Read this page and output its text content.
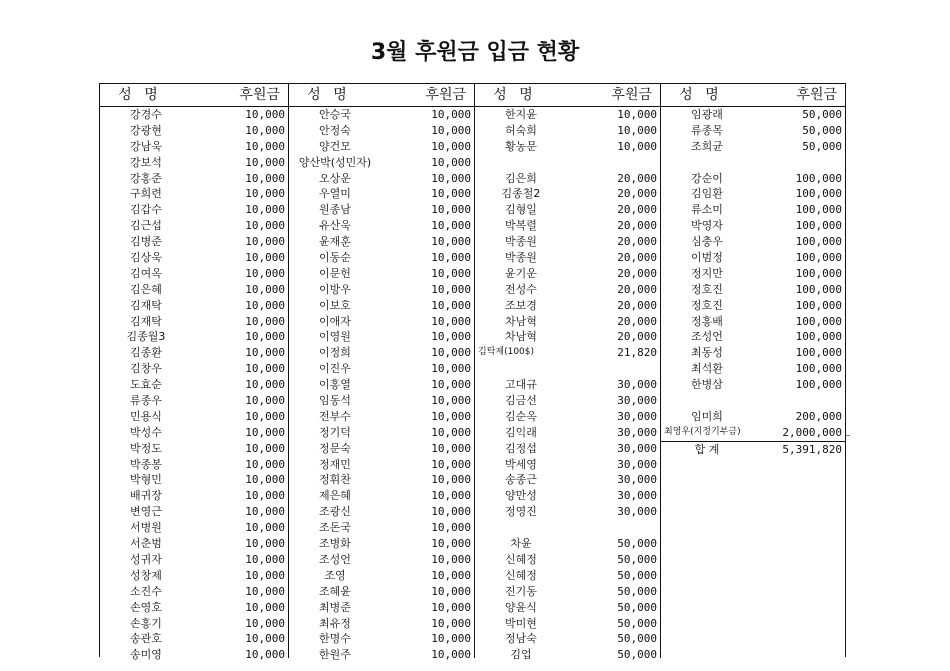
3월 후원금 입금 현황
성 명	후원금
강경수	10,000
강광현	10,000
강남욱	10,000
강보석	10,000
강홍준	10,000
구희련	10,000
김갑수	10,000
김근섭	10,000
김병준	10,000
김상욱	10,000
김여옥	10,000
김은혜	10,000
김재탁	10,000
김재탁	10,000
김종월3	10,000
김종환	10,000
김창우	10,000
도효순	10,000
류종우	10,000
민용식	10,000
박성수	10,000
박정도	10,000
박종봉	10,000
박형민	10,000
배귀장	10,000
변영근	10,000
서병원	10,000
서춘범	10,000
성귀자	10,000
성창제	10,000
소진수	10,000
손영호	10,000
손홍기	10,000
송관호	10,000
송미영	10,000
성 명	후원금
안승국	10,000
안정숙	10,000
양건모	10,000
양산박(성민자)	10,000
오상운	10,000
우열미	10,000
원종남	10,000
유산욱	10,000
윤재훈	10,000
이동순	10,000
이문헌	10,000
이방우	10,000
이보호	10,000
이애자	10,000
이영원	10,000
이정희	10,000
이진우	10,000
이홍열	10,000
임동석	10,000
전부수	10,000
정기덕	10,000
정문숙	10,000
정재민	10,000
정휘찬	10,000
제은혜	10,000
조광신	10,000
조돈국	10,000
조병화	10,000
조성언	10,000
조영	10,000
조혜윤	10,000
최병준	10,000
최유정	10,000
한명수	10,000
한원주	10,000
성 명	후원금
한지윤	10,000
허숙희	10,000
황농문	10,000
김은희	20,000
김종철2	20,000
김형일	20,000
박복렬	20,000
박종원	20,000
박종원	20,000
윤기운	20,000
전성수	20,000
조보경	20,000
차남혁	20,000
차남혁	20,000
김탁제(100$)	21,820
고대규	30,000
김금선	30,000
김순옥	30,000
김익래	30,000
김정섭	30,000
박세영	30,000
송종근	30,000
양만성	30,000
정영진	30,000
차윤	50,000
신혜정	50,000
신혜정	50,000
진기동	50,000
양윤식	50,000
박미현	50,000
정남숙	50,000
김업	50,000
성 명	후원금
임광래	50,000
류종목	50,000
조희균	50,000
강순이	100,000
김임환	100,000
류소미	100,000
박영자	100,000
심충우	100,000
이범정	100,000
정지만	100,000
정호진	100,000
정호진	100,000
정홍배	100,000
조성언	100,000
최동성	100,000
최석환	100,000
한병삼	100,000
임미희	200,000
최영우(지정기부금)	2,000,000
합 계	5,391,820
